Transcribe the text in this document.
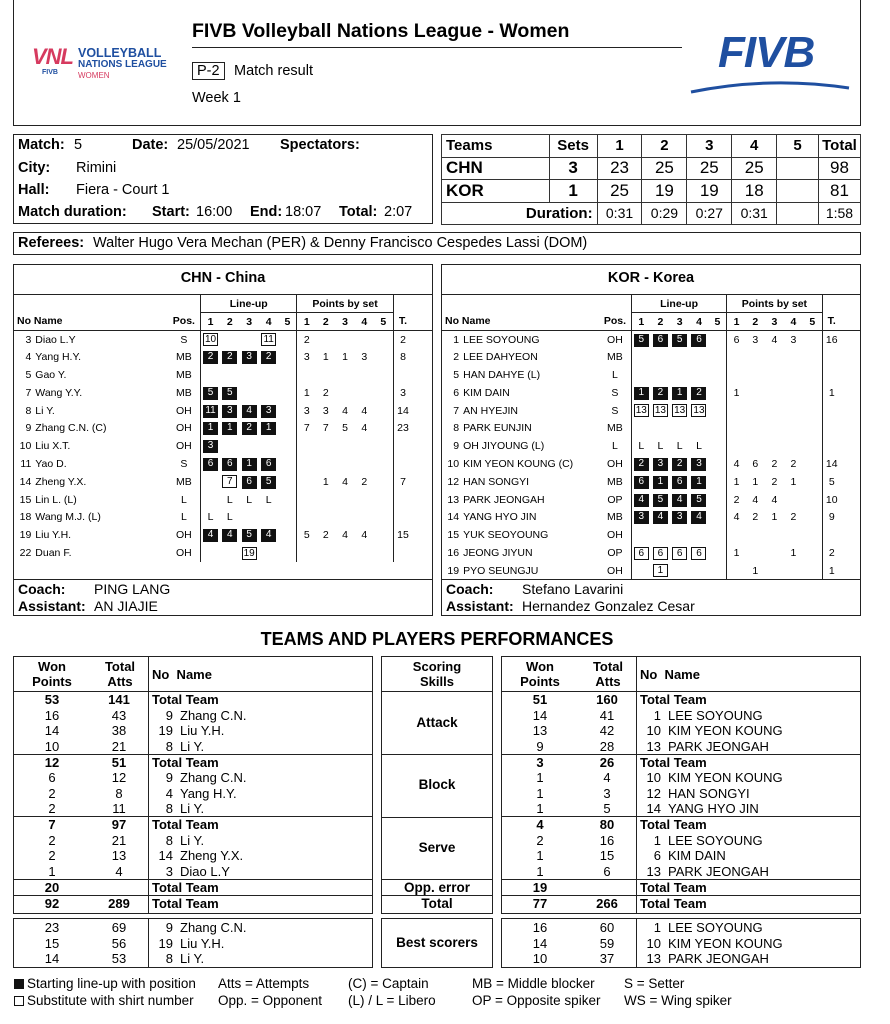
VNL
FIVB
VOLLEYBALL
NATIONS LEAGUE
WOMEN
FIVB Volleyball Nations League - Women
P-2 Match result
Week 1
FIVB
Match: 5	Date: 25/05/2021 Spectators:
City: Rimini
Hall: Fiera - Court 1
Match duration: Start: 16:00 End: 18:07 Total: 2:07
Teams	Sets	1	2	3	4	5	Total
CHN	3	23	25	25	25		98
KOR	1	25	19	19	18		81
Duration:		0:31	0:29	0:27	0:31		1:58
Referees: Walter Hugo Vera Mechan (PER) & Denny Francisco Cespedes Lassi (DOM)
CHN - China
			Line-up					Points by set					
No Name		Pos.	1	2	3	4	5	1	2	3	4	5	T.
3	Diao L.Y	S	10			11		2					2
4	Yang H.Y.	MB	2	2	3	2		3	1	1	3		8
5	Gao Y.	MB											
7	Wang Y.Y.	MB	5	5				1	2				3
8	Li Y.	OH	11	3	4	3		3	3	4	4		14
9	Zhang C.N. (C)	OH	1	1	2	1		7	7	5	4		23
10	Liu X.T.	OH	3										
11	Yao D.	S	6	6	1	6							
14	Zheng Y.X.	MB		7	6	5			1	4	2		7
15	Lin L. (L)	L		L	L	L							
18	Wang M.J. (L)	L	L	L									
19	Liu Y.H.	OH	4	4	5	4		5	2	4	4		15
22	Duan F.	OH			19								
Coach: PING LANG
Assistant: AN JIAJIE
KOR - Korea
			Line-up					Points by set					
No Name		Pos.	1	2	3	4	5	1	2	3	4	5	T.
1	LEE SOYOUNG	OH	5	6	5	6		6	3	4	3		16
2	LEE DAHYEON	MB											
5	HAN DAHYE (L)	L											
6	KIM DAIN	S	1	2	1	2		1					1
7	AN HYEJIN	S	13	13	13	13							
8	PARK EUNJIN	MB											
9	OH JIYOUNG (L)	L	L	L	L	L							
10	KIM YEON KOUNG (C)	OH	2	3	2	3		4	6	2	2		14
12	HAN SONGYI	MB	6	1	6	1		1	1	2	1		5
13	PARK JEONGAH	OP	4	5	4	5		2	4	4			10
14	YANG HYO JIN	MB	3	4	3	4		4	2	1	2		9
15	YUK SEOYOUNG	OH											
16	JEONG JIYUN	OP	6	6	6	6		1			1		2
19	PYO SEUNGJU	OH		1					1				1
Coach: Stefano Lavarini
Assistant: Hernandez Gonzalez Cesar
TEAMS AND PLAYERS PERFORMANCES
Won
Points
Total
Atts	No  Name
53	141	Total Team	
16	43	9	Zhang C.N.
14	38	19	Liu Y.H.
10	21	8	Li Y.
12	51	Total Team	
6	12	9	Zhang C.N.
2	8	4	Yang H.Y.
2	11	8	Li Y.
7	97	Total Team	
2	21	8	Li Y.
2	13	14	Zheng Y.X.
1	4	3	Diao L.Y
20		Total Team	
92	289	Total Team	
Scoring
Skills
Attack
Block
Serve
Opp. error
Total
Won
Points
Total
Atts	No  Name
51	160	Total Team	
14	41	1	LEE SOYOUNG
13	42	10	KIM YEON KOUNG
9	28	13	PARK JEONGAH
3	26	Total Team	
1	4	10	KIM YEON KOUNG
1	3	12	HAN SONGYI
1	5	14	YANG HYO JIN
4	80	Total Team	
2	16	1	LEE SOYOUNG
1	15	6	KIM DAIN
1	6	13	PARK JEONGAH
19		Total Team	
77	266	Total Team	
23	69	9	Zhang C.N.
15	56	19	Liu Y.H.
14	53	8	Li Y.
Best scorers
16	60	1	LEE SOYOUNG
14	59	10	KIM YEON KOUNG
10	37	13	PARK JEONGAH
Starting line-up with position Atts = Attempts	(C) = Captain	MB = Middle blocker S = Setter
Substitute with shirt number Opp. = Opponent (L) / L = Libero	OP = Opposite spiker WS = Wing spiker
